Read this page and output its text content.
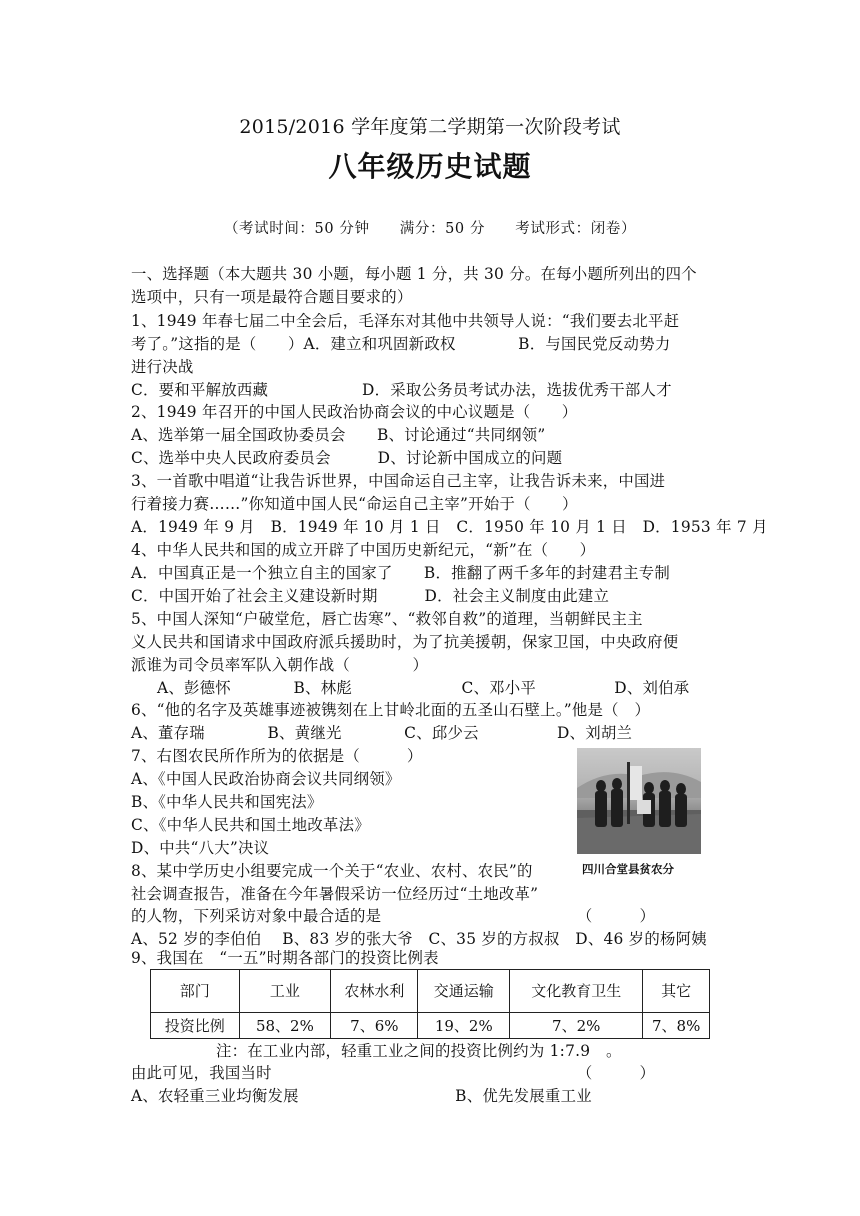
2015/2016 学年度第二学期第一次阶段考试
八年级历史试题
（考试时间：50 分钟　　满分：50 分　　考试形式：闭卷）
一、选择题（本大题共 30 小题，每小题 1 分，共 30 分。在每小题所列出的四个
选项中，只有一项是最符合题目要求的）
1、1949 年春七届二中全会后，毛泽东对其他中共领导人说：“我们要去北平赶
考了。”这指的是（　　）A．建立和巩固新政权　　　　B．与国民党反动势力
进行决战
C．要和平解放西藏　　　　　　D．采取公务员考试办法，选拔优秀干部人才
2、1949 年召开的中国人民政治协商会议的中心议题是（　　）
A、选举第一届全国政协委员会　　B、讨论通过“共同纲领”
C、选举中央人民政府委员会　　　D、讨论新中国成立的问题
3、一首歌中唱道“让我告诉世界，中国命运自己主宰，让我告诉未来，中国进
行着接力赛……”你知道中国人民“命运自己主宰”开始于（　　）
A．1949 年 9 月　B．1949 年 10 月 1 日　C．1950 年 10 月 1 日　D．1953 年 7 月
4、中华人民共和国的成立开辟了中国历史新纪元，“新”在（　　）
A．中国真正是一个独立自主的国家了　　B．推翻了两千多年的封建君主专制
C．中国开始了社会主义建设新时期　　　D．社会主义制度由此建立
5、中国人深知“户破堂危，唇亡齿寒”、“救邻自救”的道理，当朝鲜民主主
义人民共和国请求中国政府派兵援助时，为了抗美援朝，保家卫国，中央政府便
派谁为司令员率军队入朝作战（　　　　）
A、彭德怀　　　　B、林彪　　　　　　　C、邓小平　　　　　D、刘伯承
6、“他的名字及英雄事迹被镌刻在上甘岭北面的五圣山石壁上。”他是（　）
A、董存瑞　　　　B、黄继光　　　　C、邱少云　　　　　D、刘胡兰
7、右图农民所作所为的依据是（　　　）
A、《中国人民政治协商会议共同纲领》
B、《中华人民共和国宪法》
C、《中华人民共和国土地改革法》
D、中共“八大”决议
四川合堂县贫农分
8、某中学历史小组要完成一个关于“农业、农村、农民”的
社会调查报告，准备在今年暑假采访一位经历过“土地改革”
的人物，下列采访对象中最合适的是　　　　　　　　　　　　　（　　　）
A、52 岁的李伯伯　 B、83 岁的张大爷　C、35 岁的方叔叔　D、46 岁的杨阿姨
9、我国在　“一五”时期各部门的投资比例表
部门	工业	农林水利	交通运输	文化教育卫生	其它
投资比例	58、2%	7、6%	19、2%	7、2%	7、8%
注：在工业内部，轻重工业之间的投资比例约为 1:7.9　。
由此可见，我国当时　　　　　　　　　　　　　　　　　　　　（　　　）
A、农轻重三业均衡发展　　　　　　　　　　B、优先发展重工业
